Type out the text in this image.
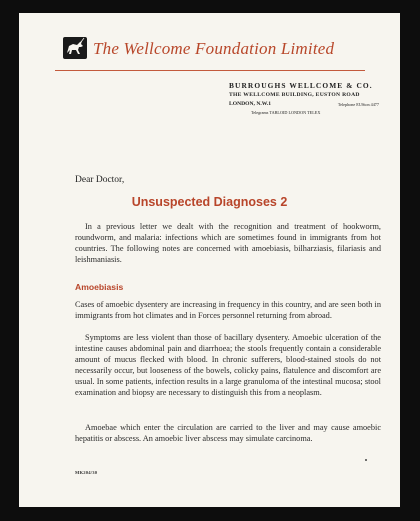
The Wellcome Foundation Limited
BURROUGHS WELLCOME & CO.
THE WELLCOME BUILDING, EUSTON ROAD
LONDON, N.W.1	Telephone EUSton 4477
Telegrams TABLOID LONDON TELEX
Dear Doctor,
Unsuspected Diagnoses 2

In a previous letter we dealt with the recognition and treatment of hookworm, roundworm, and malaria: infections which are sometimes found in immigrants from hot countries. The following notes are concerned with amoebiasis, bilharziasis, filariasis and leishmaniasis.

Amoebiasis

Cases of amoebic dysentery are increasing in frequency in this country, and are seen both in immigrants from hot climates and in Forces personnel returning from abroad.

Symptoms are less violent than those of bacillary dysentery. Amoebic ulceration of the intestine causes abdominal pain and diarrhoea; the stools frequently contain a considerable amount of mucus flecked with blood. In chronic sufferers, blood-stained stools do not necessarily occur, but looseness of the bowels, colicky pains, flatulence and discomfort are usual. In some patients, infection results in a large granuloma of the intestinal mucosa; stool examination and biopsy are necessary to distinguish this from a neoplasm.

Amoebae which enter the circulation are carried to the liver and may cause amoebic hepatitis or abscess. An amoebic liver abscess may simulate carcinoma.

MK204/30
